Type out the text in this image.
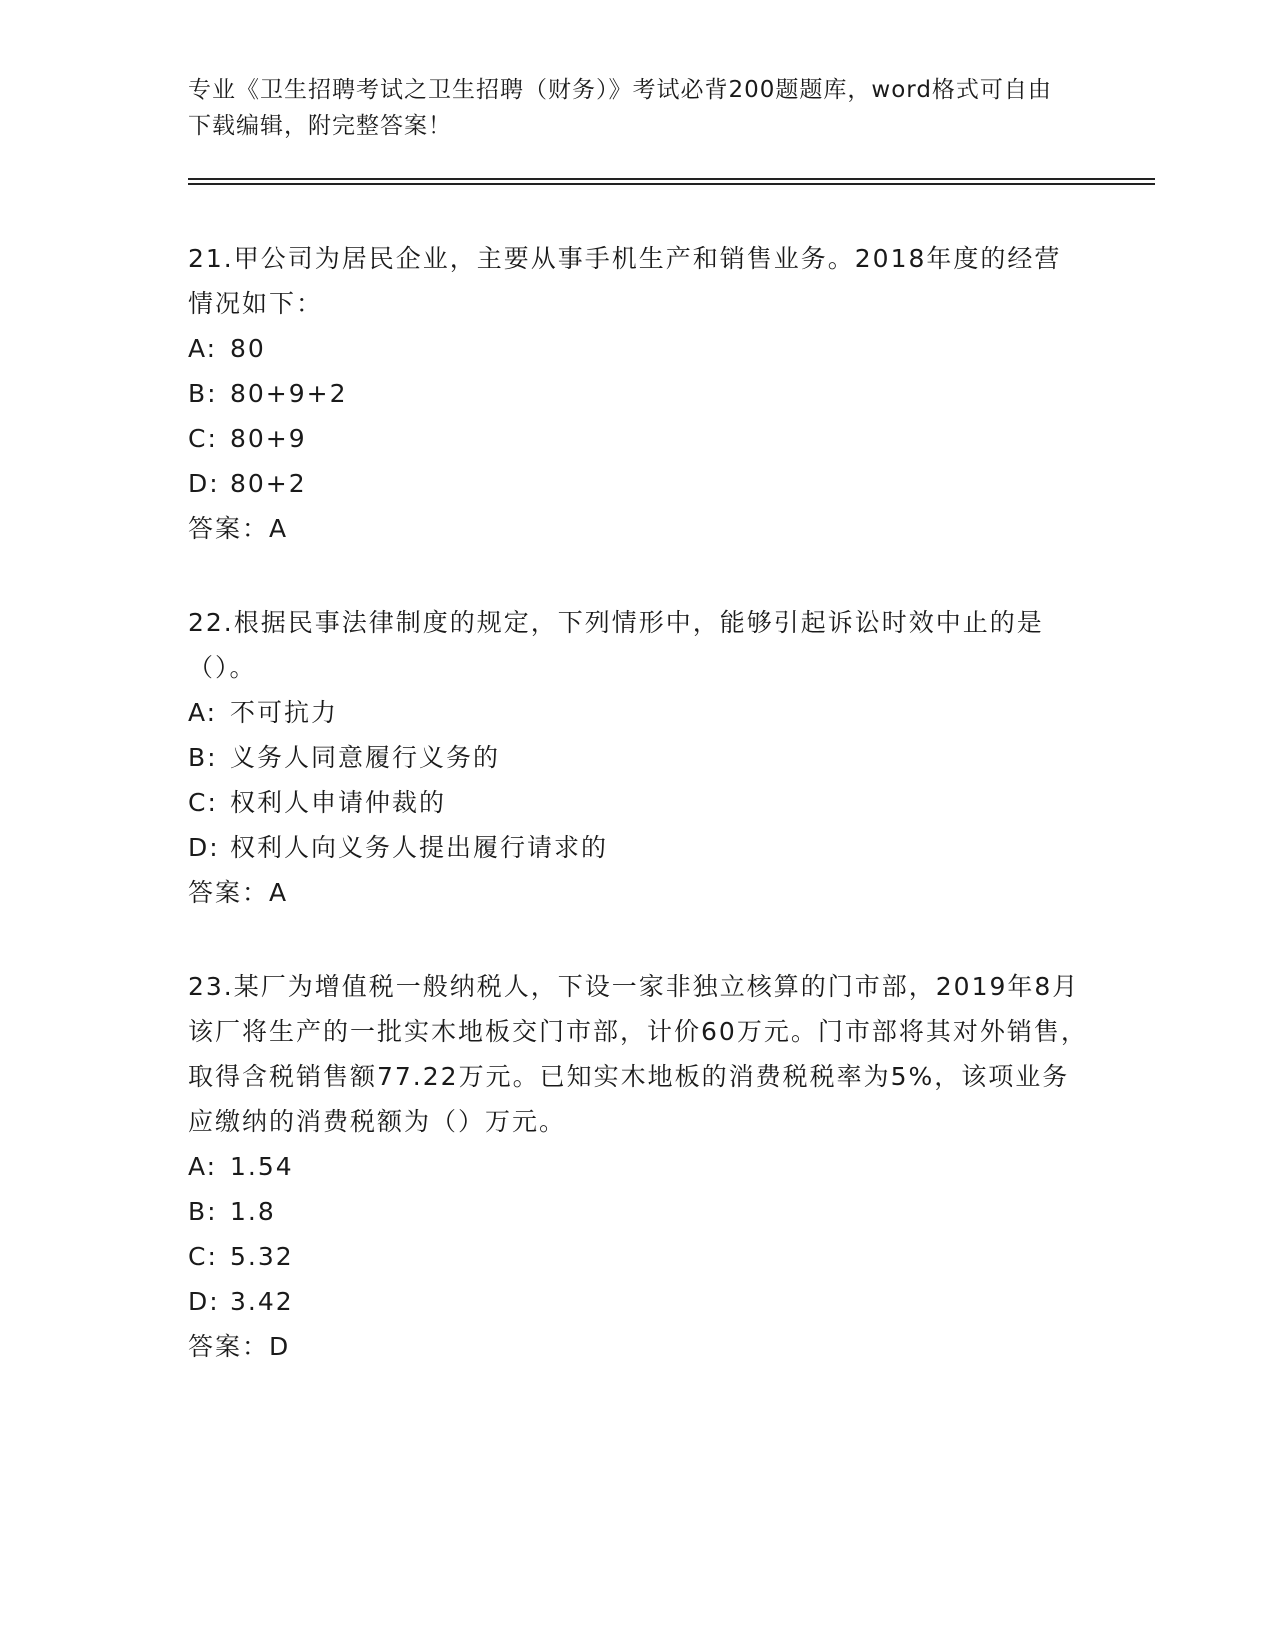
专业《卫生招聘考试之卫生招聘（财务）》考试必背200题题库，word格式可自由下载编辑，附完整答案！

21.甲公司为居民企业，主要从事手机生产和销售业务。2018年度的经营情况如下：

A: 80
B: 80+9+2
C: 80+9
D: 80+2
答案：A

22.根据民事法律制度的规定，下列情形中，能够引起诉讼时效中止的是（）。

A: 不可抗力
B: 义务人同意履行义务的
C: 权利人申请仲裁的
D: 权利人向义务人提出履行请求的
答案：A

23.某厂为增值税一般纳税人，下设一家非独立核算的门市部，2019年8月该厂将生产的一批实木地板交门市部，计价60万元。门市部将其对外销售，取得含税销售额77.22万元。已知实木地板的消费税税率为5%，该项业务应缴纳的消费税额为（）万元。

A: 1.54
B: 1.8
C: 5.32
D: 3.42
答案：D
